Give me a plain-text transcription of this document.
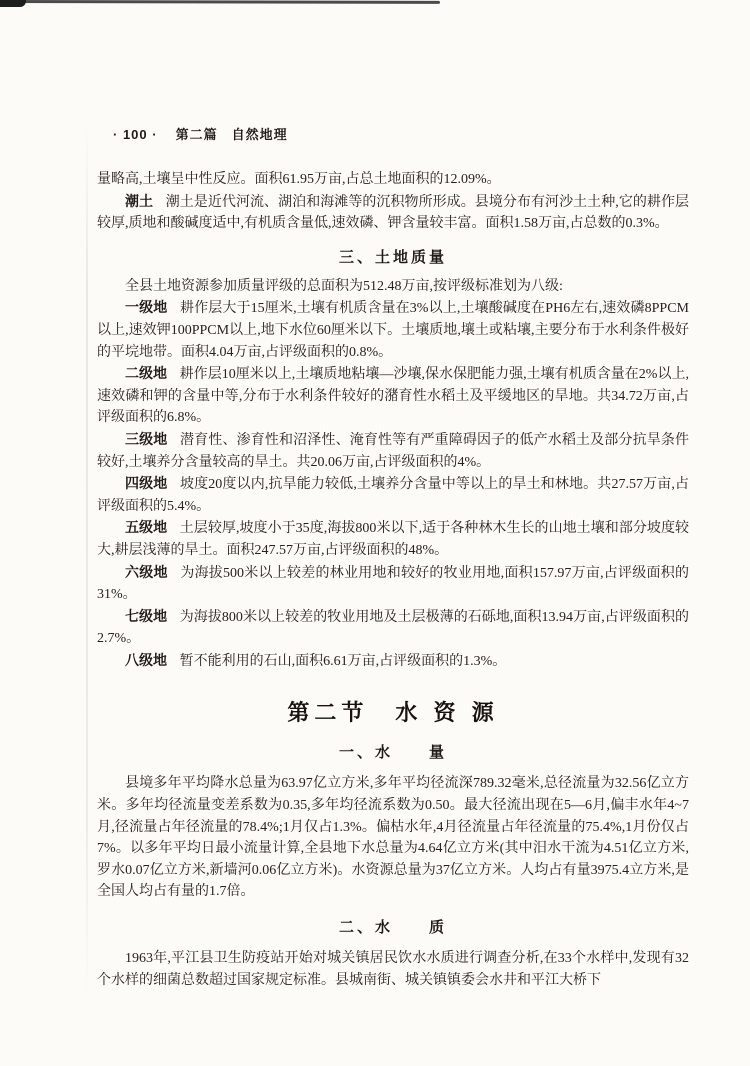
· 100 · 第二篇　自然地理

量略高,土壤呈中性反应。面积61.95万亩,占总土地面积的12.09%。

潮土 潮土是近代河流、湖泊和海滩等的沉积物所形成。县境分布有河沙土土种,它的耕作层较厚,质地和酸碱度适中,有机质含量低,速效磷、钾含量较丰富。面积1.58万亩,占总数的0.3%。

三、土地质量

全县土地资源参加质量评级的总面积为512.48万亩,按评级标准划为八级:

一级地 耕作层大于15厘米,土壤有机质含量在3%以上,土壤酸碱度在PH6左右,速效磷8PPCM以上,速效钾100PPCM以上,地下水位60厘米以下。土壤质地,壤土或粘壤,主要分布于水利条件极好的平垸地带。面积4.04万亩,占评级面积的0.8%。

二级地 耕作层10厘米以上,土壤质地粘壤—沙壤,保水保肥能力强,土壤有机质含量在2%以上,速效磷和钾的含量中等,分布于水利条件较好的潴育性水稻土及平缓地区的旱地。共34.72万亩,占评级面积的6.8%。

三级地 潜育性、渗育性和沼泽性、淹育性等有严重障碍因子的低产水稻土及部分抗旱条件较好,土壤养分含量较高的旱土。共20.06万亩,占评级面积的4%。

四级地 坡度20度以内,抗旱能力较低,土壤养分含量中等以上的旱土和林地。共27.57万亩,占评级面积的5.4%。

五级地 土层较厚,坡度小于35度,海拔800米以下,适于各种林木生长的山地土壤和部分坡度较大,耕层浅薄的旱土。面积247.57万亩,占评级面积的48%。

六级地 为海拔500米以上较差的林业用地和较好的牧业用地,面积157.97万亩,占评级面积的31%。

七级地 为海拔800米以上较差的牧业用地及土层极薄的石砾地,面积13.94万亩,占评级面积的2.7%。

八级地 暂不能利用的石山,面积6.61万亩,占评级面积的1.3%。

第二节　水 资 源
一、水　　量

县境多年平均降水总量为63.97亿立方米,多年平均径流深789.32毫米,总径流量为32.56亿立方米。多年均径流量变差系数为0.35,多年均径流系数为0.50。最大径流出现在5—6月,偏丰水年4~7月,径流量占年径流量的78.4%;1月仅占1.3%。偏枯水年,4月径流量占年径流量的75.4%,1月份仅占7%。以多年平均日最小流量计算,全县地下水总量为4.64亿立方米(其中汨水干流为4.51亿立方米,罗水0.07亿立方米,新墙河0.06亿立方米)。水资源总量为37亿立方米。人均占有量3975.4立方米,是全国人均占有量的1.7倍。

二、水　　质

1963年,平江县卫生防疫站开始对城关镇居民饮水水质进行调查分析,在33个水样中,发现有32个水样的细菌总数超过国家规定标准。县城南街、城关镇镇委会水井和平江大桥下
